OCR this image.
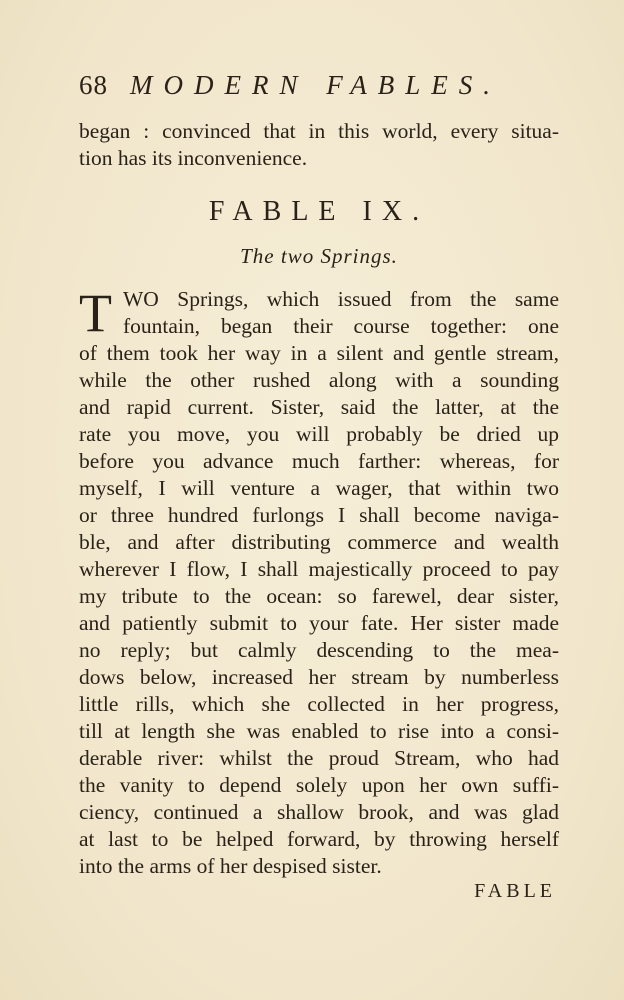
68 MODERN FABLES.
began : convinced that in this world, every situa-
tion has its inconvenience.
FABLE IX.
The two Springs.
T WO Springs, which issued from the same
fountain, began their course together: one
of them took her way in a silent and gentle stream,
while the other rushed along with a sounding
and rapid current. Sister, said the latter, at the
rate you move, you will probably be dried up
before you advance much farther: whereas, for
myself, I will venture a wager, that within two
or three hundred furlongs I shall become naviga-
ble, and after distributing commerce and wealth
wherever I flow, I shall majestically proceed to pay
my tribute to the ocean: so farewel, dear sister,
and patiently submit to your fate. Her sister made
no reply; but calmly descending to the mea-
dows below, increased her stream by numberless
little rills, which she collected in her progress,
till at length she was enabled to rise into a consi-
derable river: whilst the proud Stream, who had
the vanity to depend solely upon her own suffi-
ciency, continued a shallow brook, and was glad
at last to be helped forward, by throwing herself
into the arms of her despised sister.
FABLE
